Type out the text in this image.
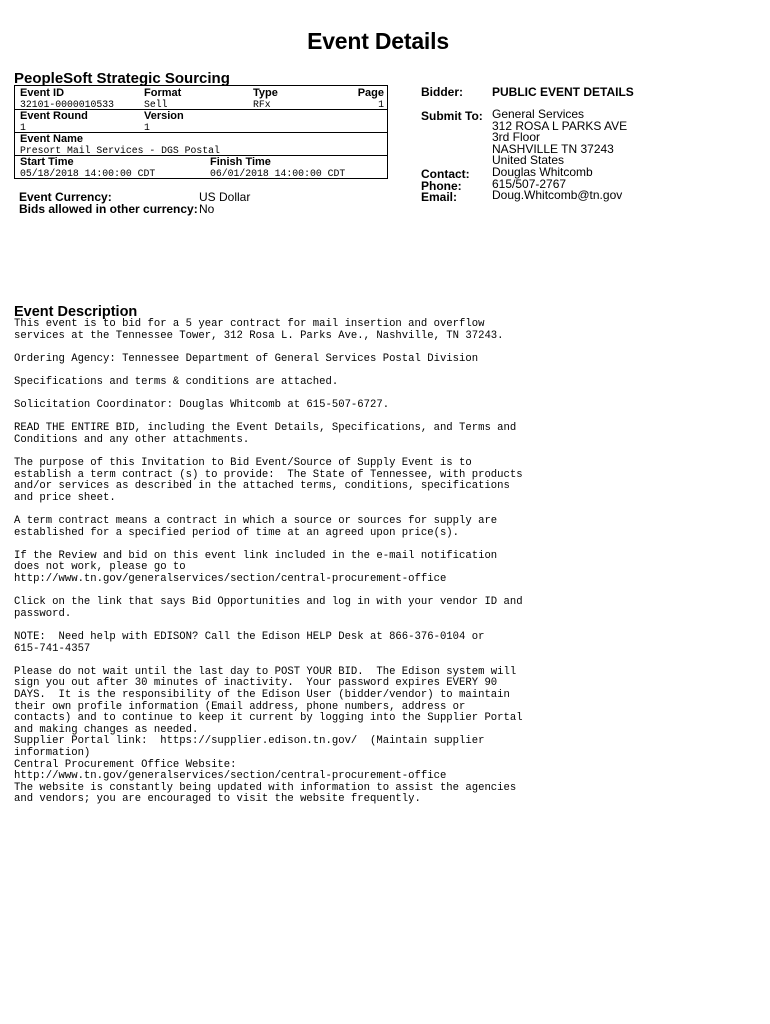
Event Details
PeopleSoft Strategic Sourcing
Event ID	Format	Type	Page
32101-0000010533	Sell	RFx	1
Event Round	Version
1	1
Event Name
Presort Mail Services - DGS Postal
Start Time	Finish Time
05/18/2018 14:00:00 CDT	06/01/2018 14:00:00 CDT
Event Currency:	US Dollar
Bids allowed in other currency: No
Bidder: PUBLIC EVENT DETAILS
Submit To: General Services
312 ROSA L PARKS AVE
3rd Floor
NASHVILLE TN 37243
United States
Contact: Douglas Whitcomb
Phone:	615/507-2767
Email:	Doug.Whitcomb@tn.gov
Event Description

This event is to bid for a 5 year contract for mail insertion and overflow
services at the Tennessee Tower, 312 Rosa L. Parks Ave., Nashville, TN 37243.

Ordering Agency: Tennessee Department of General Services Postal Division

Specifications and terms & conditions are attached.

Solicitation Coordinator: Douglas Whitcomb at 615-507-6727.

READ THE ENTIRE BID, including the Event Details, Specifications, and Terms and
Conditions and any other attachments.

The purpose of this Invitation to Bid Event/Source of Supply Event is to
establish a term contract (s) to provide:  The State of Tennessee, with products
and/or services as described in the attached terms, conditions, specifications
and price sheet.

A term contract means a contract in which a source or sources for supply are
established for a specified period of time at an agreed upon price(s).

If the Review and bid on this event link included in the e-mail notification
does not work, please go to
http://www.tn.gov/generalservices/section/central-procurement-office

Click on the link that says Bid Opportunities and log in with your vendor ID and
password.

NOTE:  Need help with EDISON? Call the Edison HELP Desk at 866-376-0104 or
615-741-4357

Please do not wait until the last day to POST YOUR BID.  The Edison system will
sign you out after 30 minutes of inactivity.  Your password expires EVERY 90
DAYS.  It is the responsibility of the Edison User (bidder/vendor) to maintain
their own profile information (Email address, phone numbers, address or
contacts) and to continue to keep it current by logging into the Supplier Portal
and making changes as needed.
Supplier Portal link:  https://supplier.edison.tn.gov/  (Maintain supplier
information)
Central Procurement Office Website:
http://www.tn.gov/generalservices/section/central-procurement-office
The website is constantly being updated with information to assist the agencies
and vendors; you are encouraged to visit the website frequently.
